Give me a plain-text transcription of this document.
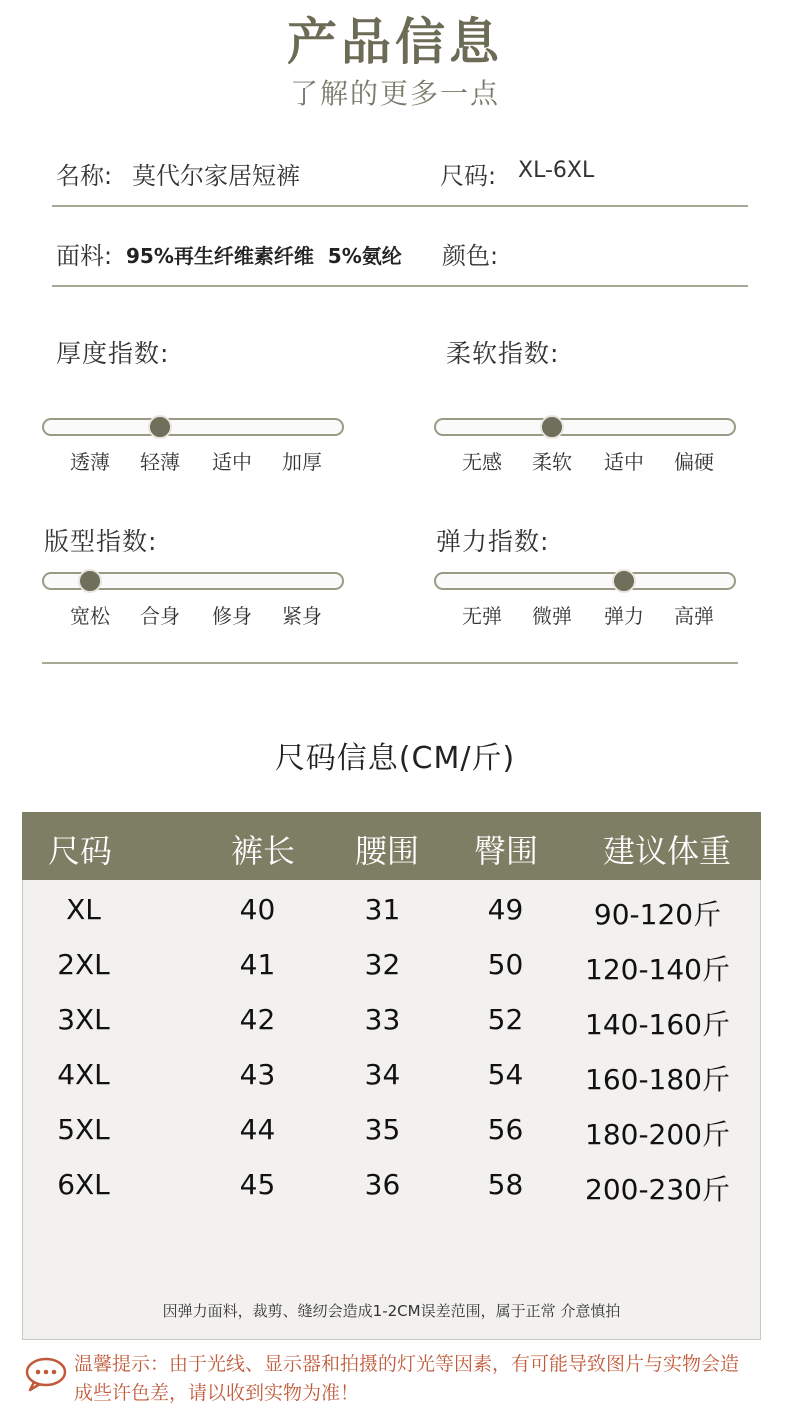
产品信息
了解的更多一点
名称: 莫代尔家居短裤	尺码: XL-6XL
面料: 95%再生纤维素纤维  5%氨纶 颜色:
厚度指数:	柔软指数:
透薄	轻薄	适中	加厚	无感	柔软	适中	偏硬
版型指数:	弹力指数:
宽松	合身	修身	紧身	无弹	微弹	弹力	高弹
尺码信息(CM/斤)
尺码	裤长 腰围 臀围 建议体重
XL	40	31	49	90-120斤
2XL	41	32	50	120-140斤
3XL	42	33	52	140-160斤
4XL	43	34	54	160-180斤
5XL	44	35	56	180-200斤
6XL	45	36	58	200-230斤
因弹力面料，裁剪、缝纫会造成1-2CM误差范围，属于正常 介意慎拍
温馨提示：由于光线、显示器和拍摄的灯光等因素，有可能导致图片与实物会造成些许色差，请以收到实物为准！
